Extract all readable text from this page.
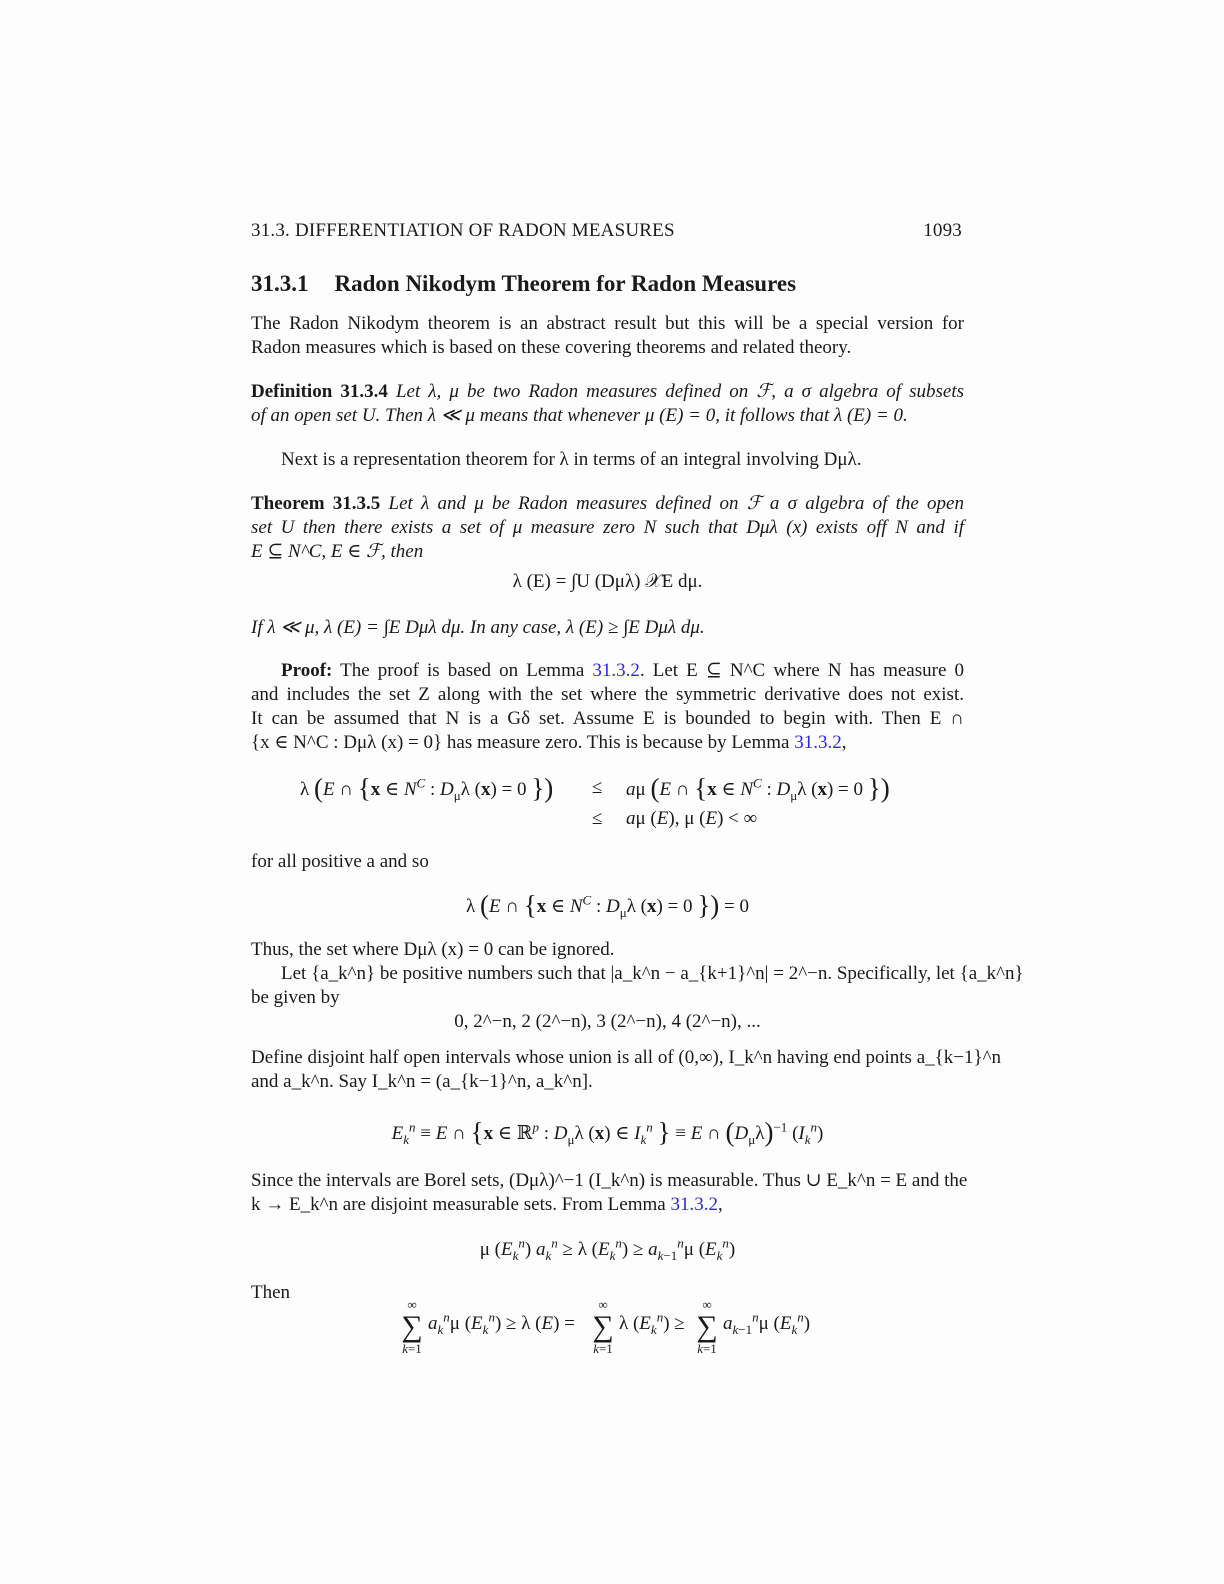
31.3. DIFFERENTIATION OF RADON MEASURES	1093
31.3.1 Radon Nikodym Theorem for Radon Measures
The Radon Nikodym theorem is an abstract result but this will be a special version for
Radon measures which is based on these covering theorems and related theory.
Definition 31.3.4 Let λ, μ be two Radon measures defined on ℱ, a σ algebra of subsets
of an open set U. Then λ ≪ μ means that whenever μ (E) = 0, it follows that λ (E) = 0.
Next is a representation theorem for λ in terms of an integral involving Dμλ.
Theorem 31.3.5 Let λ and μ be Radon measures defined on ℱ a σ algebra of the open
set U then there exists a set of μ measure zero N such that Dμλ (x) exists off N and if
E ⊆ N^C, E ∈ ℱ, then
λ (E) = ∫U (Dμλ) 𝒳E dμ.
If λ ≪ μ, λ (E) = ∫E Dμλ dμ. In any case, λ (E) ≥ ∫E Dμλ dμ.
Proof: The proof is based on Lemma 31.3.2. Let E ⊆ N^C where N has measure 0
and includes the set Z along with the set where the symmetric derivative does not exist.
It can be assumed that N is a Gδ set. Assume E is bounded to begin with. Then E ∩
{x ∈ N^C : Dμλ (x) = 0} has measure zero. This is because by Lemma 31.3.2,
λ (E ∩ {x ∈ $N^C$ : $D_\mu\lambda$ (x) = 0 }) ≤ aμ (E ∩ {x ∈ $N^C$ : $D_\mu\lambda$ (x) = 0 })
≤ aμ (E), μ (E) < ∞
for all positive a and so
λ (E ∩ {x ∈ $N^C$ : $D_\mu\lambda$ (x) = 0 }) = 0
Thus, the set where Dμλ (x) = 0 can be ignored.
Let {a_k^n} be positive numbers such that |a_k^n − a_{k+1}^n| = 2^−n. Specifically, let {a_k^n}
be given by
0, 2^−n, 2 (2^−n), 3 (2^−n), 4 (2^−n), ...
Define disjoint half open intervals whose union is all of (0,∞), I_k^n having end points a_{k−1}^n
and a_k^n. Say I_k^n = (a_{k−1}^n, a_k^n].
$E_k^n \equiv E$ ∩ {x ∈ ℝ$^p$ : $D_\mu\lambda$ (x) ∈ $I_k^n$ } ≡ E ∩ $(D_\mu\lambda)^{-1}$ $(I_k^n)$
Since the intervals are Borel sets, (Dμλ)^−1 (I_k^n) is measurable. Thus ∪ E_k^n = E and the
k → E_k^n are disjoint measurable sets. From Lemma 31.3.2,
μ $(E_k^n) a_k^n \ge \lambda$ $(E_k^n) \ge a_{k-1}^n\mu$ $(E_k^n)$
Then
∞
∑
k=1
$a_k^n\mu$ $(E_k^n) \ge \lambda$ (E) =
∞
∑
k=1
λ $(E_k^n)$ ≥
∞
∑
k=1
$a_{k-1}^n\mu$ $(E_k^n)$
